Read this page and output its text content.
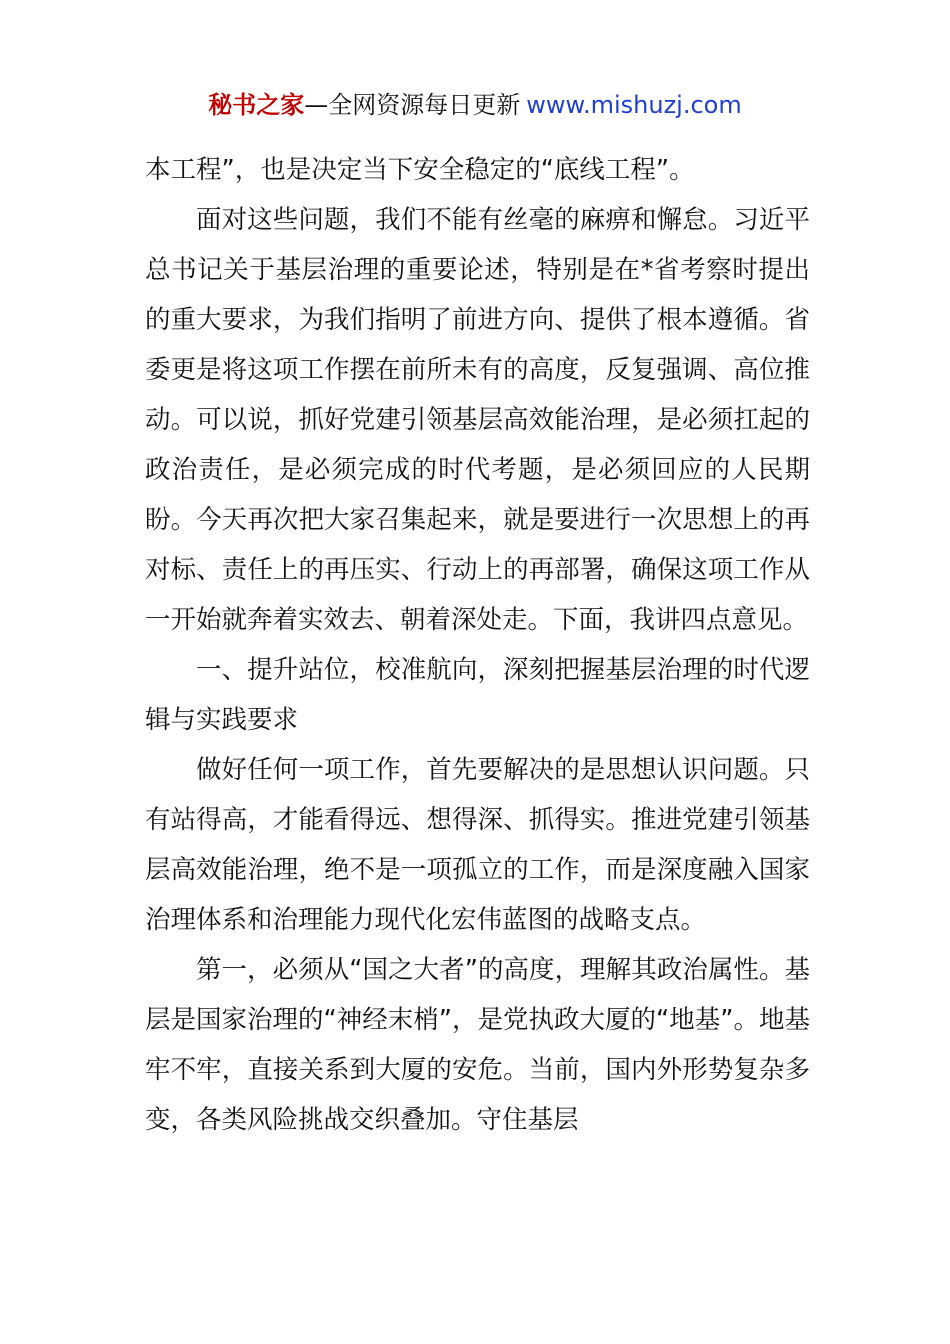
秘书之家—全网资源每日更新 www.mishuzj.com

本工程”，也是决定当下安全稳定的“底线工程”。

面对这些问题，我们不能有丝毫的麻痹和懈怠。习近平总书记关于基层治理的重要论述，特别是在*省考察时提出的重大要求，为我们指明了前进方向、提供了根本遵循。省委更是将这项工作摆在前所未有的高度，反复强调、高位推动。可以说，抓好党建引领基层高效能治理，是必须扛起的政治责任，是必须完成的时代考题，是必须回应的人民期盼。今天再次把大家召集起来，就是要进行一次思想上的再对标、责任上的再压实、行动上的再部署，确保这项工作从一开始就奔着实效去、朝着深处走。下面，我讲四点意见。

一、提升站位，校准航向，深刻把握基层治理的时代逻辑与实践要求

做好任何一项工作，首先要解决的是思想认识问题。只有站得高，才能看得远、想得深、抓得实。推进党建引领基层高效能治理，绝不是一项孤立的工作，而是深度融入国家治理体系和治理能力现代化宏伟蓝图的战略支点。

第一，必须从“国之大者”的高度，理解其政治属性。基层是国家治理的“神经末梢”，是党执政大厦的“地基”。地基牢不牢，直接关系到大厦的安危。当前，国内外形势复杂多变，各类风险挑战交织叠加。守住基层
